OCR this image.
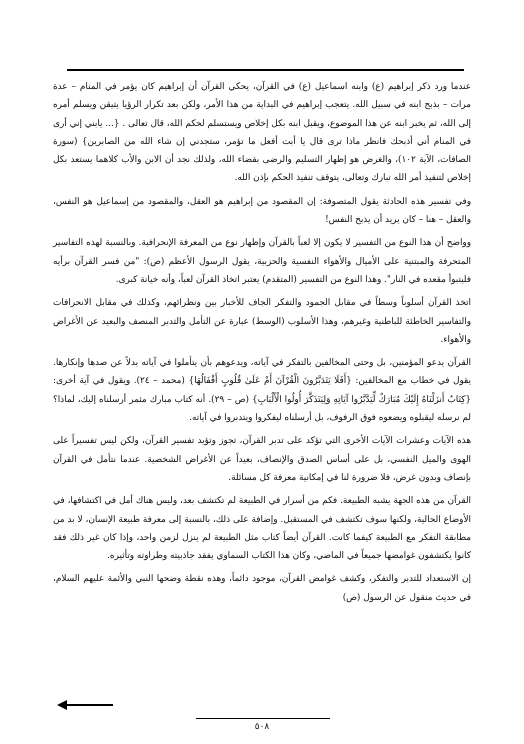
عندما ورد ذكر إبراهيم (ع) وابنه اسماعيل (ع) في القرآن، يحكي القرآن أن إبراهيم كان يؤمر في المنام – عدة مرات – بذبح ابنه في سبيل الله. يتعجب إبراهيم في البداية من هذا الأمر، ولكن بعد تكرار الرؤيا يتيقن ويسلم أمره إلى الله، ثم يخبر ابنه عن هذا الموضوع، ويقبل ابنه بكل إخلاص ويستسلم لحكم الله، قال تعالى . {... يابني إني أرى في المنام أني أذبحك فانظر ماذا ترى قال يا أبت أفعل ما تؤمر، ستجدني إن شاء الله من الصابرين} (سورة الصافات، الآية ١٠٢)، والغرض هو إظهار التسليم والرضى بقضاء الله، ولذلك نجد أن الابن والأب كلاهما يستعد بكل إخلاص لتنفيذ أمر الله تبارك وتعالى، يتوقف تنفيذ الحكم بإذن الله.

وفي تفسير هذه الحادثة يقول المتصوفة: إن المقصود من إبراهيم هو العقل، والمقصود من إسماعيل هو النفس، والعقل – هنا – كان يريد أن يذبح النفس!

وواضح أن هذا النوع من التفسير لا يكون إلا لعباً بالقرآن وإظهار نوع من المعرفة الإنحرافية. وبالنسبة لهذه التفاسير المتحرفة والمبتنية على الأميال والأهواء النفسية والحزبية، يقول الرسول الأعظم (ص): "من فسر القرآن برأيه فليتبوأ مقعده في النار". وهذا النوع من التفسير (المتقدم) يعتبر اتخاذ القرآن لعباً، وأنه خيانة كبرى.

اتخذ القرآن أسلوباً وسطاً في مقابل الجمود والتفكر الجاف للأخبار بين ونظرائهم، وكذلك في مقابل الانحرافات والتفاسير الخاطئة للباطنية وغيرهم، وهذا الأسلوب (الوسط) عبارة عن التأمل والتدبر المنصف والبعيد عن الأغراض والأهواء.

القرآن يدعو المؤمنين، بل وحتى المخالفين بالتفكر في آياته، ويدعوهم بأن يتأملوا في آياته بدلاً عن صدها وإنكارها. يقول في خطاب مع المخالفين: {أَفَلَا يَتَدَبَّرُونَ الْقُرْآنَ أَمْ عَلَىٰ قُلُوبٍ أَقْفَالُهَا} (محمد – ٢٤). ويقول في آية أخرى: {كِتَابٌ أَنزَلْنَاهُ إِلَيْكَ مُبَارَكٌ لِّيَدَّبَّرُوا آيَاتِهِ وَلِيَتَذَكَّرَ أُولُوا الْأَلْبَابِ} (ص – ٢٩). أنه كتاب مبارك مثمر أرسلناه إليك، لماذا؟ لم نرسله ليقبلوه ويضعوه فوق الرفوف، بل أرسلناه ليفكروا ويتدبروا في آياته.

هذه الآيات وعشرات الآيات الأخرى التي تؤكد على تدبر القرآن، تجوز وتؤيد تفسير القرآن، ولكن ليس تفسيراً على الهوى والميل النفسي، بل على أساس الصدق والإنصاف، بعيداً عن الأغراض الشخصية. عندما نتأمل في القرآن بإنصاف وبدون غرض، فلا ضرورة لنا في إمكانية معرفة كل مسائلة.

القرآن من هذه الجهة يشبه الطبيعة. فكم من أسرار في الطبيعة لم تكتشف بعد، وليس هناك أمل في اكتشافها، في الأوضاع الحالية، ولكنها سوف تكتشف في المستقبل. وإضافة على ذلك، بالنسبة إلى معرفة طبيعة الإنسان، لا بد من مطابقة التفكر مع الطبيعة كيفما كانت. القرآن أيضاً كتاب مثل الطبيعة لم ينزل لزمن واحد، وإذا كان غير ذلك فقد كانوا يكتشفون غوامضها جميعاً في الماضي، وكان هذا الكتاب السماوي يفقد جاذبيته وطراوته وتأثيره.

إن الاستعداد للتدبر والتفكر، وكشف غوامض القرآن، موجود دائماً، وهذه نقطة وضحها النبي والأئمة عليهم السلام، في حديث منقول عن الرسول (ص)

٥٠٨
